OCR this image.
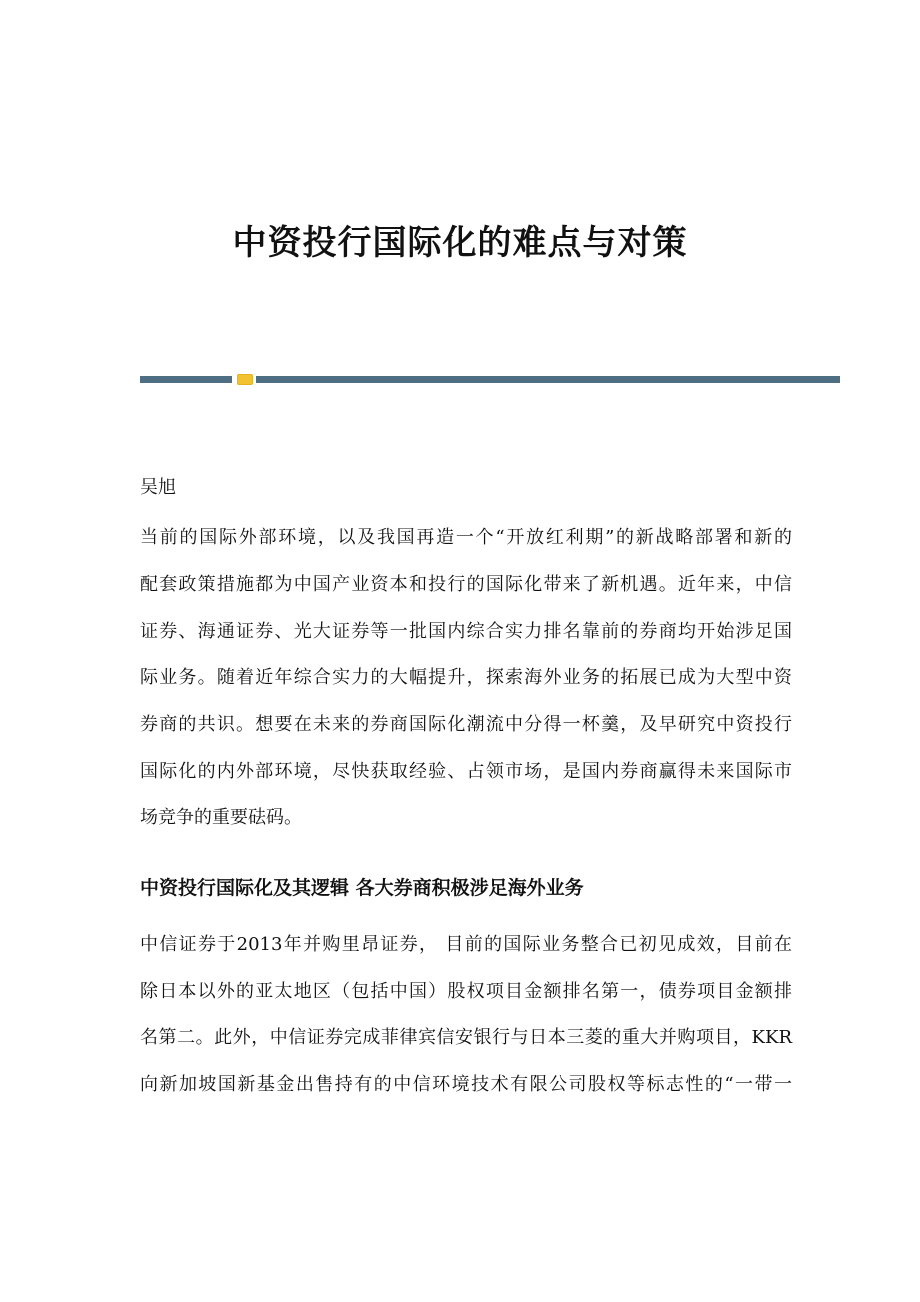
中资投行国际化的难点与对策
吴旭
当前的国际外部环境，以及我国再造一个“开放红利期”的新战略部署和新的
配套政策措施都为中国产业资本和投行的国际化带来了新机遇。近年来，中信
证券、海通证券、光大证券等一批国内综合实力排名靠前的券商均开始涉足国
际业务。随着近年综合实力的大幅提升，探索海外业务的拓展已成为大型中资
券商的共识。想要在未来的券商国际化潮流中分得一杯羹，及早研究中资投行
国际化的内外部环境，尽快获取经验、占领市场，是国内券商赢得未来国际市
场竞争的重要砝码。
中资投行国际化及其逻辑 各大券商积极涉足海外业务
中信证券于2013年并购里昂证券， 目前的国际业务整合已初见成效，目前在
除日本以外的亚太地区（包括中国）股权项目金额排名第一，债券项目金额排
名第二。此外，中信证券完成菲律宾信安银行与日本三菱的重大并购项目，KKR
向新加坡国新基金出售持有的中信环境技术有限公司股权等标志性的“一带一
